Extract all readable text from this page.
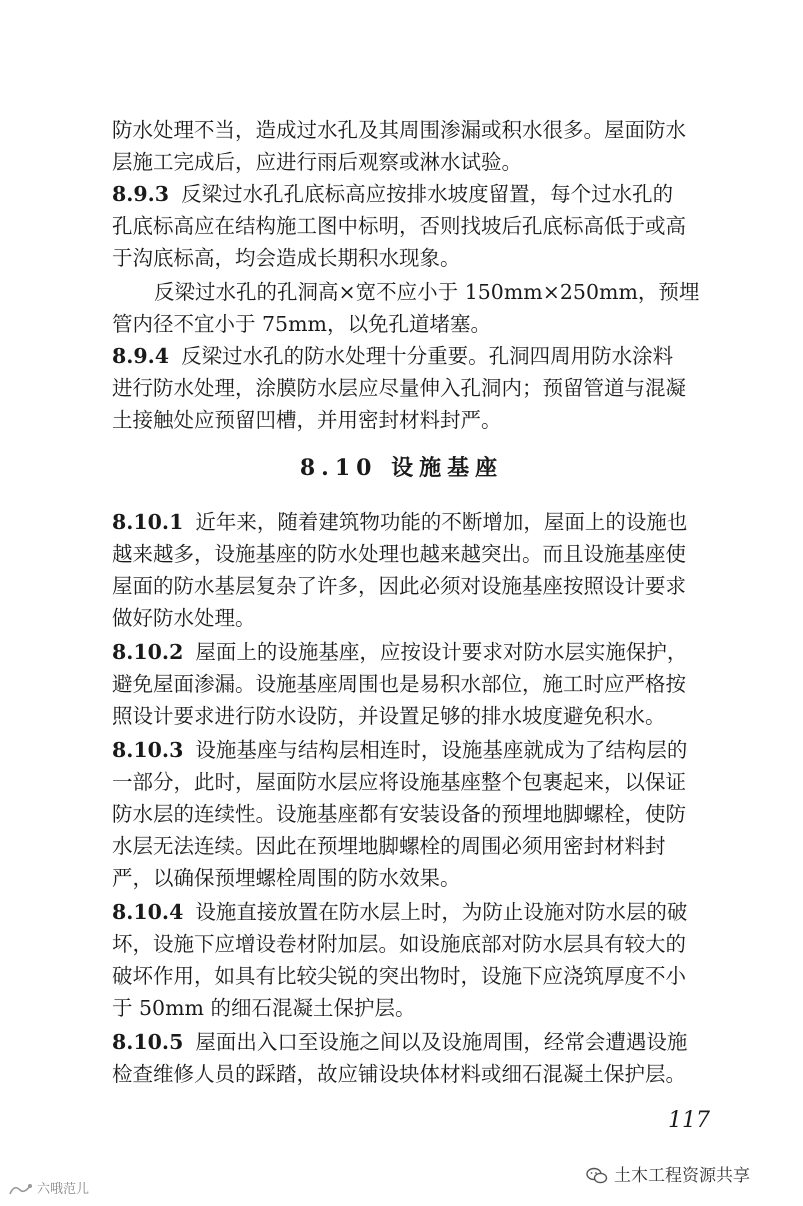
防水处理不当，造成过水孔及其周围渗漏或积水很多。屋面防水
层施工完成后，应进行雨后观察或淋水试验。
8.9.3 反梁过水孔孔底标高应按排水坡度留置，每个过水孔的
孔底标高应在结构施工图中标明，否则找坡后孔底标高低于或高
于沟底标高，均会造成长期积水现象。
反梁过水孔的孔洞高×宽不应小于 150mm×250mm，预埋
管内径不宜小于 75mm，以免孔道堵塞。
8.9.4 反梁过水孔的防水处理十分重要。孔洞四周用防水涂料
进行防水处理，涂膜防水层应尽量伸入孔洞内；预留管道与混凝
土接触处应预留凹槽，并用密封材料封严。
8.10.1 近年来，随着建筑物功能的不断增加，屋面上的设施也
越来越多，设施基座的防水处理也越来越突出。而且设施基座使
屋面的防水基层复杂了许多，因此必须对设施基座按照设计要求
做好防水处理。
8.10.2 屋面上的设施基座，应按设计要求对防水层实施保护，
避免屋面渗漏。设施基座周围也是易积水部位，施工时应严格按
照设计要求进行防水设防，并设置足够的排水坡度避免积水。
8.10.3 设施基座与结构层相连时，设施基座就成为了结构层的
一部分，此时，屋面防水层应将设施基座整个包裹起来，以保证
防水层的连续性。设施基座都有安装设备的预埋地脚螺栓，使防
水层无法连续。因此在预埋地脚螺栓的周围必须用密封材料封
严，以确保预埋螺栓周围的防水效果。
8.10.4 设施直接放置在防水层上时，为防止设施对防水层的破
坏，设施下应增设卷材附加层。如设施底部对防水层具有较大的
破坏作用，如具有比较尖锐的突出物时，设施下应浇筑厚度不小
于 50mm 的细石混凝土保护层。
8.10.5 屋面出入口至设施之间以及设施周围，经常会遭遇设施
检查维修人员的踩踏，故应铺设块体材料或细石混凝土保护层。
8.10 设施基座
117
土木工程资源共享
六哦范儿
